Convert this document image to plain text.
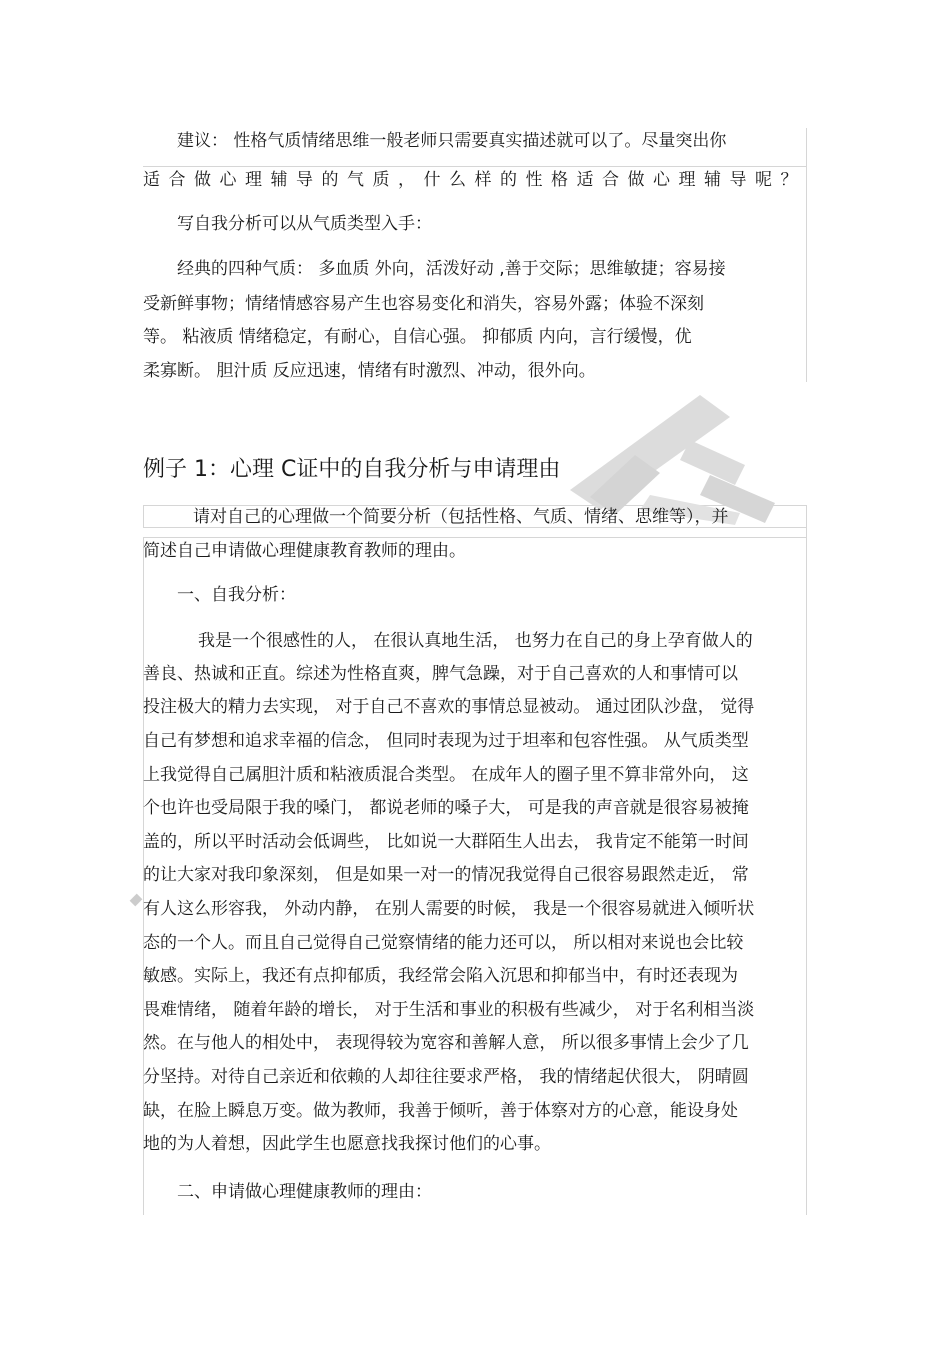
建议： 性格气质情绪思维一般老师只需要真实描述就可以了。尽量突出你
适合做心理辅导的气质，什么样的性格适合做心理辅导呢？
写自我分析可以从气质类型入手：
经典的四种气质： 多血质 外向，活泼好动 ,善于交际；思维敏捷；容易接
受新鲜事物；情绪情感容易产生也容易变化和消失，容易外露；体验不深刻
等。 粘液质 情绪稳定，有耐心，自信心强。 抑郁质 内向，言行缓慢，优
柔寡断。 胆汁质 反应迅速，情绪有时激烈、冲动，很外向。
例子 1：心理 C证中的自我分析与申请理由
请对自己的心理做一个简要分析（包括性格、气质、情绪、思维等），并
简述自己申请做心理健康教育教师的理由。
一、自我分析：
我是一个很感性的人， 在很认真地生活， 也努力在自己的身上孕育做人的
善良、热诚和正直。综述为性格直爽，脾气急躁，对于自己喜欢的人和事情可以
投注极大的精力去实现， 对于自己不喜欢的事情总显被动。 通过团队沙盘， 觉得
自己有梦想和追求幸福的信念， 但同时表现为过于坦率和包容性强。 从气质类型
上我觉得自己属胆汁质和粘液质混合类型。 在成年人的圈子里不算非常外向， 这
个也许也受局限于我的嗓门， 都说老师的嗓子大， 可是我的声音就是很容易被掩
盖的，所以平时活动会低调些， 比如说一大群陌生人出去， 我肯定不能第一时间
的让大家对我印象深刻， 但是如果一对一的情况我觉得自己很容易跟然走近， 常
有人这么形容我， 外动内静， 在别人需要的时候， 我是一个很容易就进入倾听状
态的一个人。而且自己觉得自己觉察情绪的能力还可以， 所以相对来说也会比较
敏感。实际上，我还有点抑郁质，我经常会陷入沉思和抑郁当中，有时还表现为
畏难情绪， 随着年龄的增长， 对于生活和事业的积极有些减少， 对于名利相当淡
然。在与他人的相处中， 表现得较为宽容和善解人意， 所以很多事情上会少了几
分坚持。对待自己亲近和依赖的人却往往要求严格， 我的情绪起伏很大， 阴晴圆
缺，在脸上瞬息万变。做为教师，我善于倾听，善于体察对方的心意，能设身处
地的为人着想，因此学生也愿意找我探讨他们的心事。
二、申请做心理健康教师的理由：
